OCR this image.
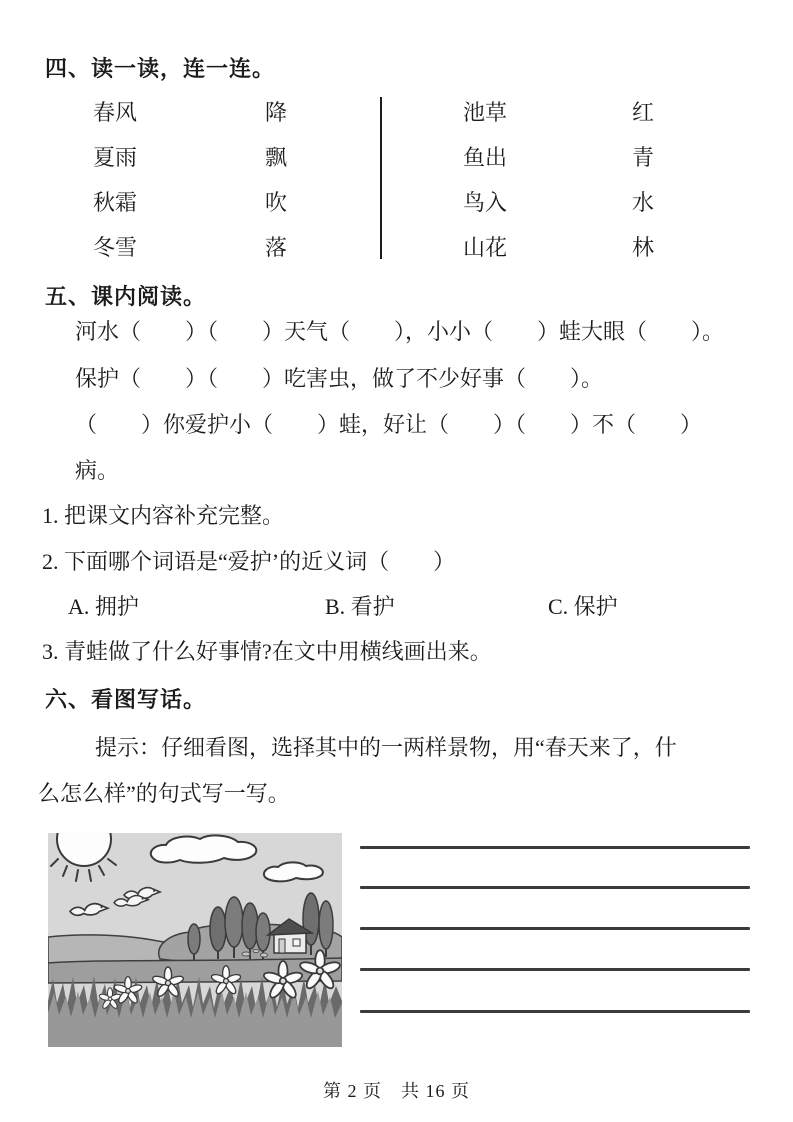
四、读一读，连一连。
春风	降	池草	红
夏雨	飘	鱼出	青
秋霜	吹	鸟入	水
冬雪	落	山花	林
五、课内阅读。
河水（　　）（　　）天气（　　），小小（　　）蛙大眼（　　）。
保护（　　）（　　）吃害虫，做了不少好事（　　）。
（　　）你爱护小（　　）蛙，好让（　　）（　　）不（　　）
病。
1. 把课文内容补充完整。
2. 下面哪个词语是“爱护’的近义词（　　）
A. 拥护	B. 看护	C. 保护
3. 青蛙做了什么好事情?在文中用横线画出来。
六、看图写话。
提示：仔细看图，选择其中的一两样景物，用“春天来了，什
么怎么样”的句式写一写。
第 2 页　共 16 页
